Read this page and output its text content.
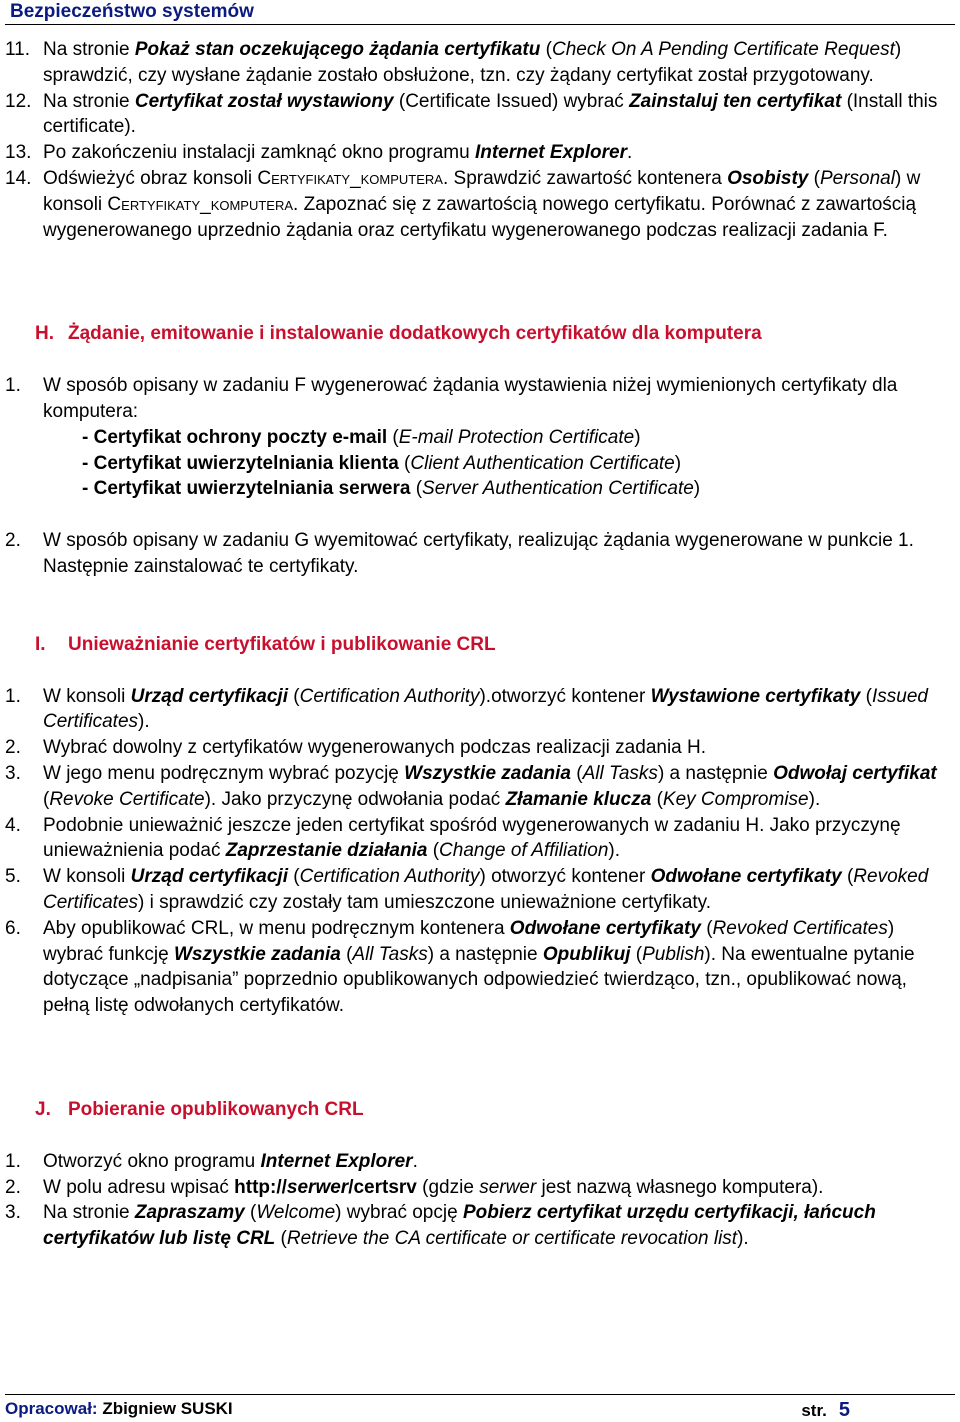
Bezpieczeństwo systemów
11. Na stronie Pokaż stan oczekującego żądania certyfikatu (Check On A Pending Certificate Request) sprawdzić, czy wysłane żądanie zostało obsłużone, tzn. czy żądany certyfikat został przygotowany.
12. Na stronie Certyfikat został wystawiony (Certificate Issued) wybrać Zainstaluj ten certyfikat (Install this certificate).
13. Po zakończeniu instalacji zamknąć okno programu Internet Explorer.
14. Odświeżyć obraz konsoli Certyfikaty_komputera. Sprawdzić zawartość kontenera Osobisty (Personal) w konsoli Certyfikaty_komputera. Zapoznać się z zawartością nowego certyfikatu. Porównać z zawartością wygenerowanego uprzednio żądania oraz certyfikatu wygenerowanego podczas realizacji zadania F.
H. Żądanie, emitowanie i instalowanie dodatkowych certyfikatów dla komputera
1. W sposób opisany w zadaniu F wygenerować żądania wystawienia niżej wymienionych certyfikaty dla komputera:
- Certyfikat ochrony poczty e-mail (E-mail Protection Certificate)
- Certyfikat uwierzytelniania klienta (Client Authentication Certificate)
- Certyfikat uwierzytelniania serwera (Server Authentication Certificate)
2. W sposób opisany w zadaniu G wyemitować certyfikaty, realizując żądania wygenerowane w punkcie 1. Następnie zainstalować te certyfikaty.
I. Unieważnianie certyfikatów i publikowanie CRL
1. W konsoli Urząd certyfikacji (Certification Authority).otworzyć kontener Wystawione certyfikaty (Issued Certificates).
2. Wybrać dowolny z certyfikatów wygenerowanych podczas realizacji zadania H.
3. W jego menu podręcznym wybrać pozycję Wszystkie zadania (All Tasks) a następnie Odwołaj certyfikat (Revoke Certificate). Jako przyczynę odwołania podać Złamanie klucza (Key Compromise).
4. Podobnie unieważnić jeszcze jeden certyfikat spośród wygenerowanych w zadaniu H. Jako przyczynę unieważnienia podać Zaprzestanie działania (Change of Affiliation).
5. W konsoli Urząd certyfikacji (Certification Authority) otworzyć kontener Odwołane certyfikaty (Revoked Certificates) i sprawdzić czy zostały tam umieszczone unieważnione certyfikaty.
6. Aby opublikować CRL, w menu podręcznym kontenera Odwołane certyfikaty (Revoked Certificates) wybrać funkcję Wszystkie zadania (All Tasks) a następnie Opublikuj (Publish). Na ewentualne pytanie dotyczące „nadpisania” poprzednio opublikowanych odpowiedzieć twierdząco, tzn., opublikować nową, pełną listę odwołanych certyfikatów.
J. Pobieranie opublikowanych CRL
1. Otworzyć okno programu Internet Explorer.
2. W polu adresu wpisać http://serwer/certsrv (gdzie serwer jest nazwą własnego komputera).
3. Na stronie Zapraszamy (Welcome) wybrać opcję Pobierz certyfikat urzędu certyfikacji, łańcuch certyfikatów lub listę CRL (Retrieve the CA certificate or certificate revocation list).
Opracował: Zbigniew SUSKI	str. 5
